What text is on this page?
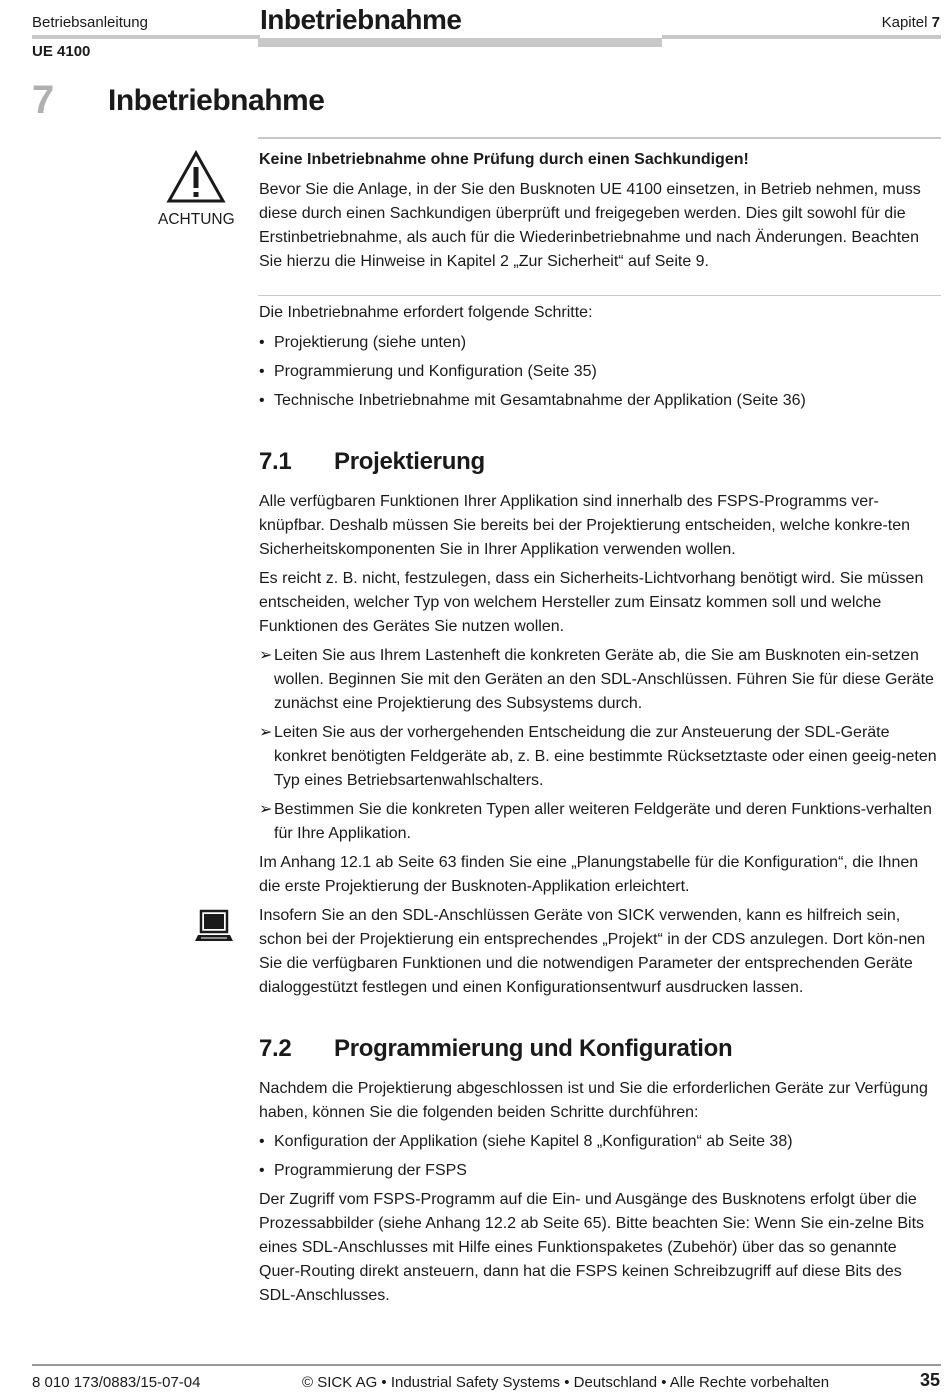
Betriebsanleitung
UE 4100
Inbetriebnahme	Kapitel 7
7 Inbetriebnahme
ACHTUNG

Keine Inbetriebnahme ohne Prüfung durch einen Sachkundigen!

Bevor Sie die Anlage, in der Sie den Busknoten UE 4100 einsetzen, in Betrieb nehmen, muss diese durch einen Sachkundigen überprüft und freigegeben werden. Dies gilt sowohl für die Erstinbetriebnahme, als auch für die Wiederinbetriebnahme und nach Änderungen. Beachten Sie hierzu die Hinweise in Kapitel 2 „Zur Sicherheit“ auf Seite 9.

Die Inbetriebnahme erfordert folgende Schritte:

• Projektierung (siehe unten)
• Programmierung und Konfiguration (Seite 35)
• Technische Inbetriebnahme mit Gesamtabnahme der Applikation (Seite 36)
7.1 Projektierung

Alle verfügbaren Funktionen Ihrer Applikation sind innerhalb des FSPS-Programms ver-knüpfbar. Deshalb müssen Sie bereits bei der Projektierung entscheiden, welche konkre-ten Sicherheitskomponenten Sie in Ihrer Applikation verwenden wollen.

Es reicht z. B. nicht, festzulegen, dass ein Sicherheits-Lichtvorhang benötigt wird. Sie müssen entscheiden, welcher Typ von welchem Hersteller zum Einsatz kommen soll und welche Funktionen des Gerätes Sie nutzen wollen.

➢ Leiten Sie aus Ihrem Lastenheft die konkreten Geräte ab, die Sie am Busknoten ein-setzen wollen. Beginnen Sie mit den Geräten an den SDL-Anschlüssen. Führen Sie für diese Geräte zunächst eine Projektierung des Subsystems durch.
➢ Leiten Sie aus der vorhergehenden Entscheidung die zur Ansteuerung der SDL-Geräte konkret benötigten Feldgeräte ab, z. B. eine bestimmte Rücksetztaste oder einen geeig-neten Typ eines Betriebsartenwahlschalters.
➢ Bestimmen Sie die konkreten Typen aller weiteren Feldgeräte und deren Funktions-verhalten für Ihre Applikation.

Im Anhang 12.1 ab Seite 63 finden Sie eine „Planungstabelle für die Konfiguration“, die Ihnen die erste Projektierung der Busknoten-Applikation erleichtert.

Insofern Sie an den SDL-Anschlüssen Geräte von SICK verwenden, kann es hilfreich sein, schon bei der Projektierung ein entsprechendes „Projekt“ in der CDS anzulegen. Dort kön-nen Sie die verfügbaren Funktionen und die notwendigen Parameter der entsprechenden Geräte dialoggestützt festlegen und einen Konfigurationsentwurf ausdrucken lassen.

7.2 Programmierung und Konfiguration

Nachdem die Projektierung abgeschlossen ist und Sie die erforderlichen Geräte zur Verfügung haben, können Sie die folgenden beiden Schritte durchführen:

• Konfiguration der Applikation (siehe Kapitel 8 „Konfiguration“ ab Seite 38)
• Programmierung der FSPS

Der Zugriff vom FSPS-Programm auf die Ein- und Ausgänge des Busknotens erfolgt über die Prozessabbilder (siehe Anhang 12.2 ab Seite 65). Bitte beachten Sie: Wenn Sie ein-zelne Bits eines SDL-Anschlusses mit Hilfe eines Funktionspaketes (Zubehör) über das so genannte Quer-Routing direkt ansteuern, dann hat die FSPS keinen Schreibzugriff auf diese Bits des SDL-Anschlusses.

8 010 173/0883/15-07-04	© SICK AG • Industrial Safety Systems • Deutschland • Alle Rechte vorbehalten	35
